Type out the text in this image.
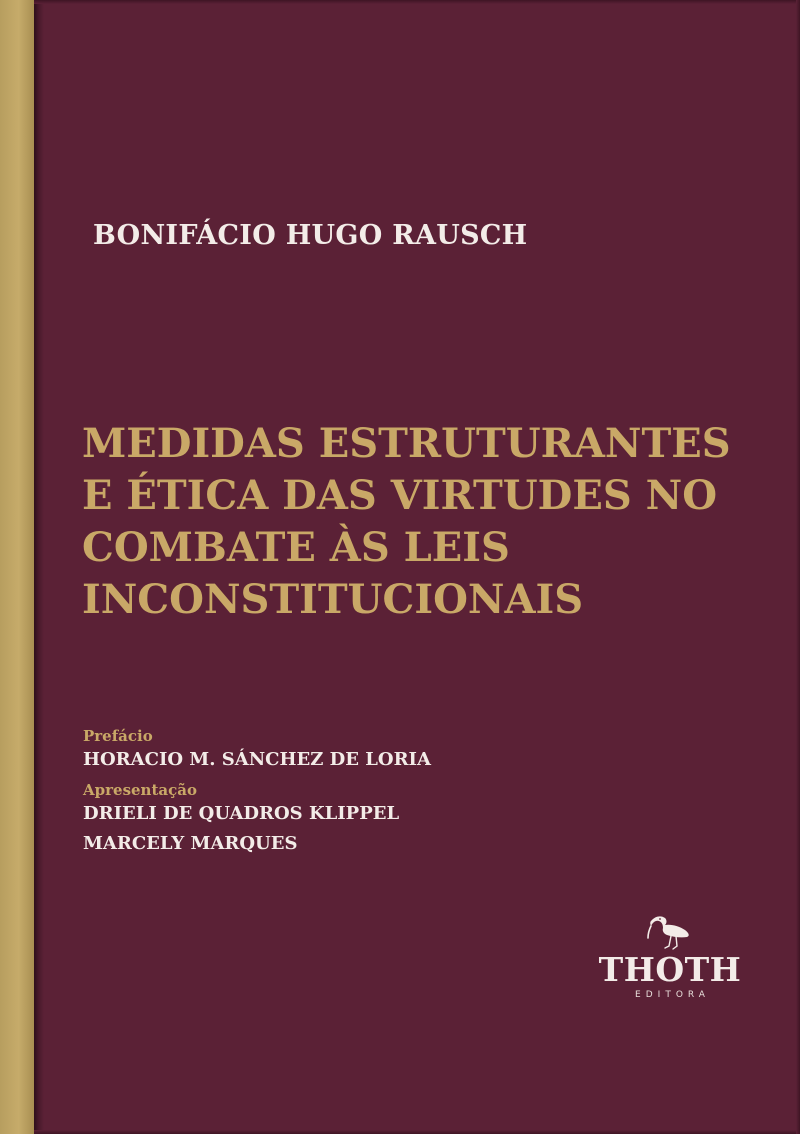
BONIFÁCIO HUGO RAUSCH
MEDIDAS ESTRUTURANTES
E ÉTICA DAS VIRTUDES NO
COMBATE ÀS LEIS
INCONSTITUCIONAIS
Prefácio
HORACIO M. SÁNCHEZ DE LORIA
Apresentação
DRIELI DE QUADROS KLIPPEL
MARCELY MARQUES
THOTH
EDITORA
